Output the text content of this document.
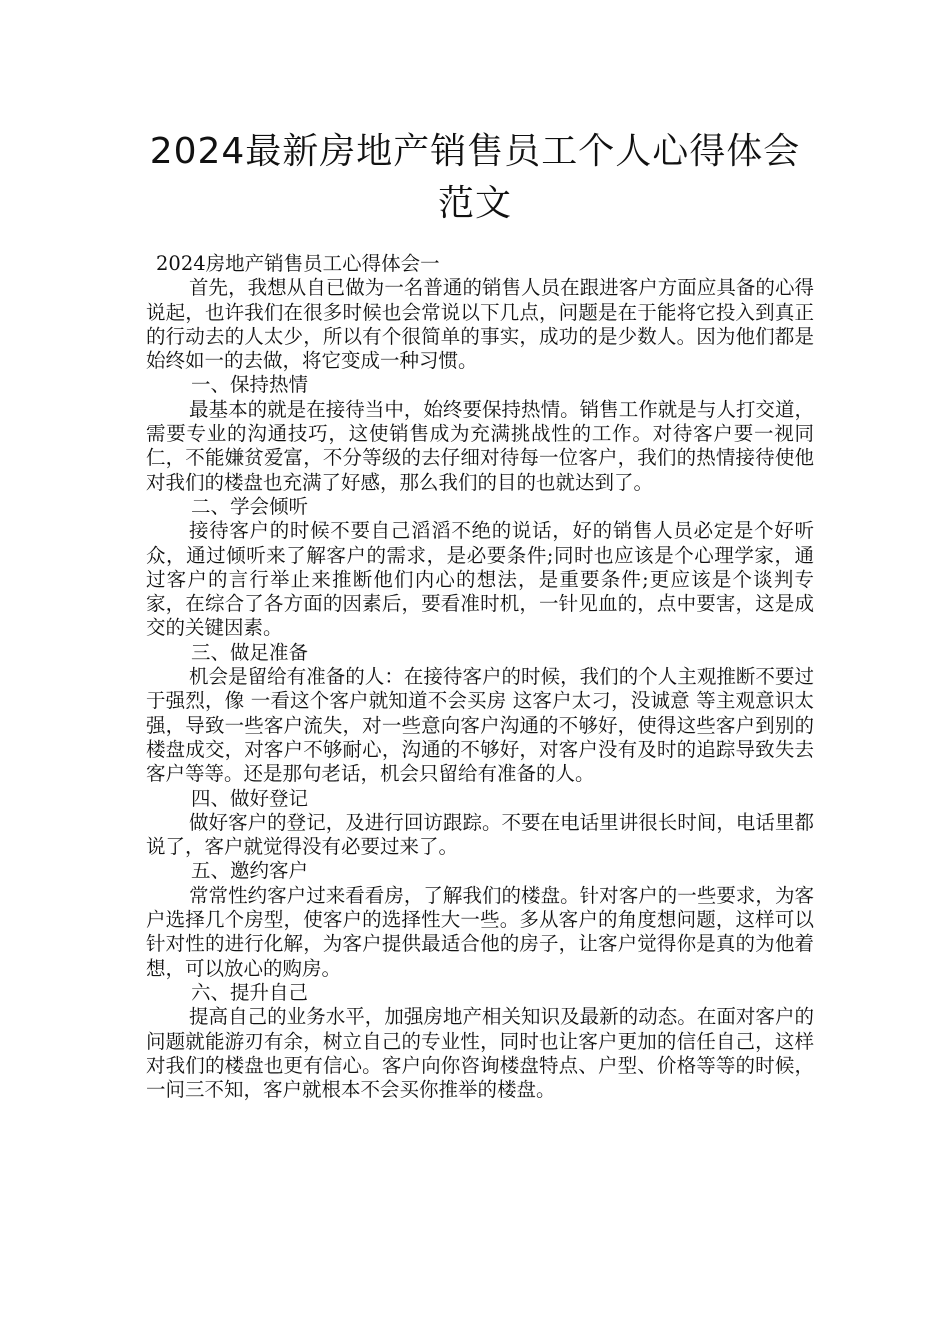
2024最新房地产销售员工个人心得体会
范文
2024房地产销售员工心得体会一
首先，我想从自已做为一名普通的销售人员在跟进客户方面应具备的心得说起，也许我们在很多时候也会常说以下几点，问题是在于能将它投入到真正的行动去的人太少，所以有个很简单的事实，成功的是少数人。因为他们都是始终如一的去做，将它变成一种习惯。
一、保持热情
最基本的就是在接待当中，始终要保持热情。销售工作就是与人打交道，需要专业的沟通技巧，这使销售成为充满挑战性的工作。对待客户要一视同仁，不能嫌贫爱富，不分等级的去仔细对待每一位客户，我们的热情接待使他对我们的楼盘也充满了好感，那么我们的目的也就达到了。
二、学会倾听
接待客户的时候不要自己滔滔不绝的说话，好的销售人员必定是个好听众，通过倾听来了解客户的需求，是必要条件;同时也应该是个心理学家，通过客户的言行举止来推断他们内心的想法，是重要条件;更应该是个谈判专家，在综合了各方面的因素后，要看准时机，一针见血的，点中要害，这是成交的关键因素。
三、做足准备
机会是留给有准备的人：在接待客户的时候，我们的个人主观推断不要过于强烈，像 一看这个客户就知道不会买房 这客户太刁，没诚意 等主观意识太强，导致一些客户流失，对一些意向客户沟通的不够好，使得这些客户到别的楼盘成交，对客户不够耐心，沟通的不够好，对客户没有及时的追踪导致失去客户等等。还是那句老话，机会只留给有准备的人。
四、做好登记
做好客户的登记，及进行回访跟踪。不要在电话里讲很长时间，电话里都说了，客户就觉得没有必要过来了。
五、邀约客户
常常性约客户过来看看房，了解我们的楼盘。针对客户的一些要求，为客户选择几个房型，使客户的选择性大一些。多从客户的角度想问题，这样可以针对性的进行化解，为客户提供最适合他的房子，让客户觉得你是真的为他着想，可以放心的购房。
六、提升自己
提高自己的业务水平，加强房地产相关知识及最新的动态。在面对客户的问题就能游刃有余，树立自己的专业性，同时也让客户更加的信任自己，这样对我们的楼盘也更有信心。客户向你咨询楼盘特点、户型、价格等等的时候，一问三不知，客户就根本不会买你推举的楼盘。
